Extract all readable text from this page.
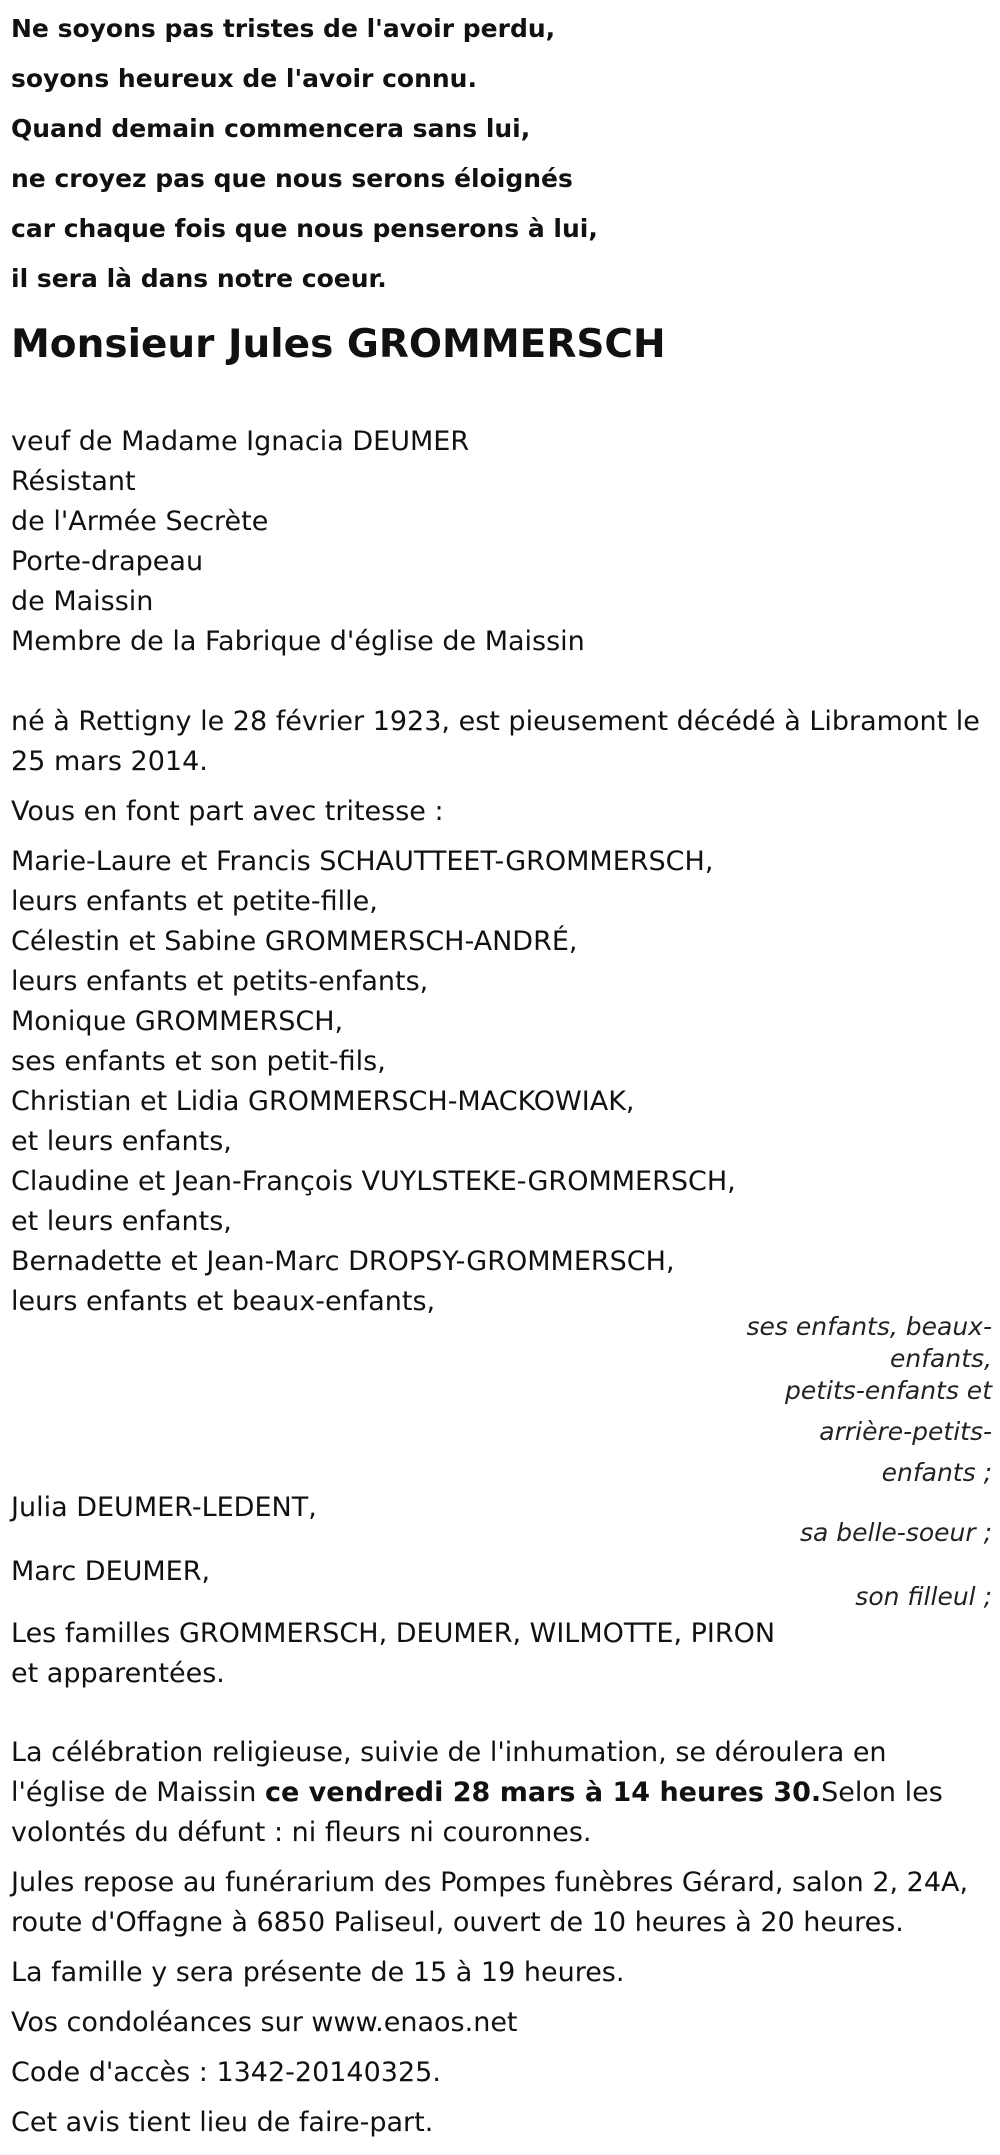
Ne soyons pas tristes de l'avoir perdu,
soyons heureux de l'avoir connu.
Quand demain commencera sans lui,
ne croyez pas que nous serons éloignés
car chaque fois que nous penserons à lui,
il sera là dans notre coeur.
Monsieur Jules GROMMERSCH
veuf de Madame Ignacia DEUMER
Résistant
de l'Armée Secrète
Porte-drapeau
de Maissin
Membre de la Fabrique d'église de Maissin
né à Rettigny le 28 février 1923, est pieusement décédé à Libramont le 25 mars 2014.
Vous en font part avec tritesse :
Marie-Laure et Francis SCHAUTTEET-GROMMERSCH,
leurs enfants et petite-fille,
Célestin et Sabine GROMMERSCH-ANDRÉ,
leurs enfants et petits-enfants,
Monique GROMMERSCH,
ses enfants et son petit-fils,
Christian et Lidia GROMMERSCH-MACKOWIAK,
et leurs enfants,
Claudine et Jean-François VUYLSTEKE-GROMMERSCH,
et leurs enfants,
Bernadette et Jean-Marc DROPSY-GROMMERSCH,
leurs enfants et beaux-enfants,
ses enfants, beaux-
enfants,
petits-enfants et
arrière-petits-
enfants ;
Julia DEUMER-LEDENT,
sa belle-soeur ;
Marc DEUMER,
son filleul ;
Les familles GROMMERSCH, DEUMER, WILMOTTE, PIRON
et apparentées.
La célébration religieuse, suivie de l'inhumation, se déroulera en l'église de Maissin ce vendredi 28 mars à 14 heures 30.Selon les volontés du défunt : ni fleurs ni couronnes.
Jules repose au funérarium des Pompes funèbres Gérard, salon 2, 24A, route d'Offagne à 6850 Paliseul, ouvert de 10 heures à 20 heures.
La famille y sera présente de 15 à 19 heures.
Vos condoléances sur www.enaos.net
Code d'accès : 1342-20140325.
Cet avis tient lieu de faire-part.
